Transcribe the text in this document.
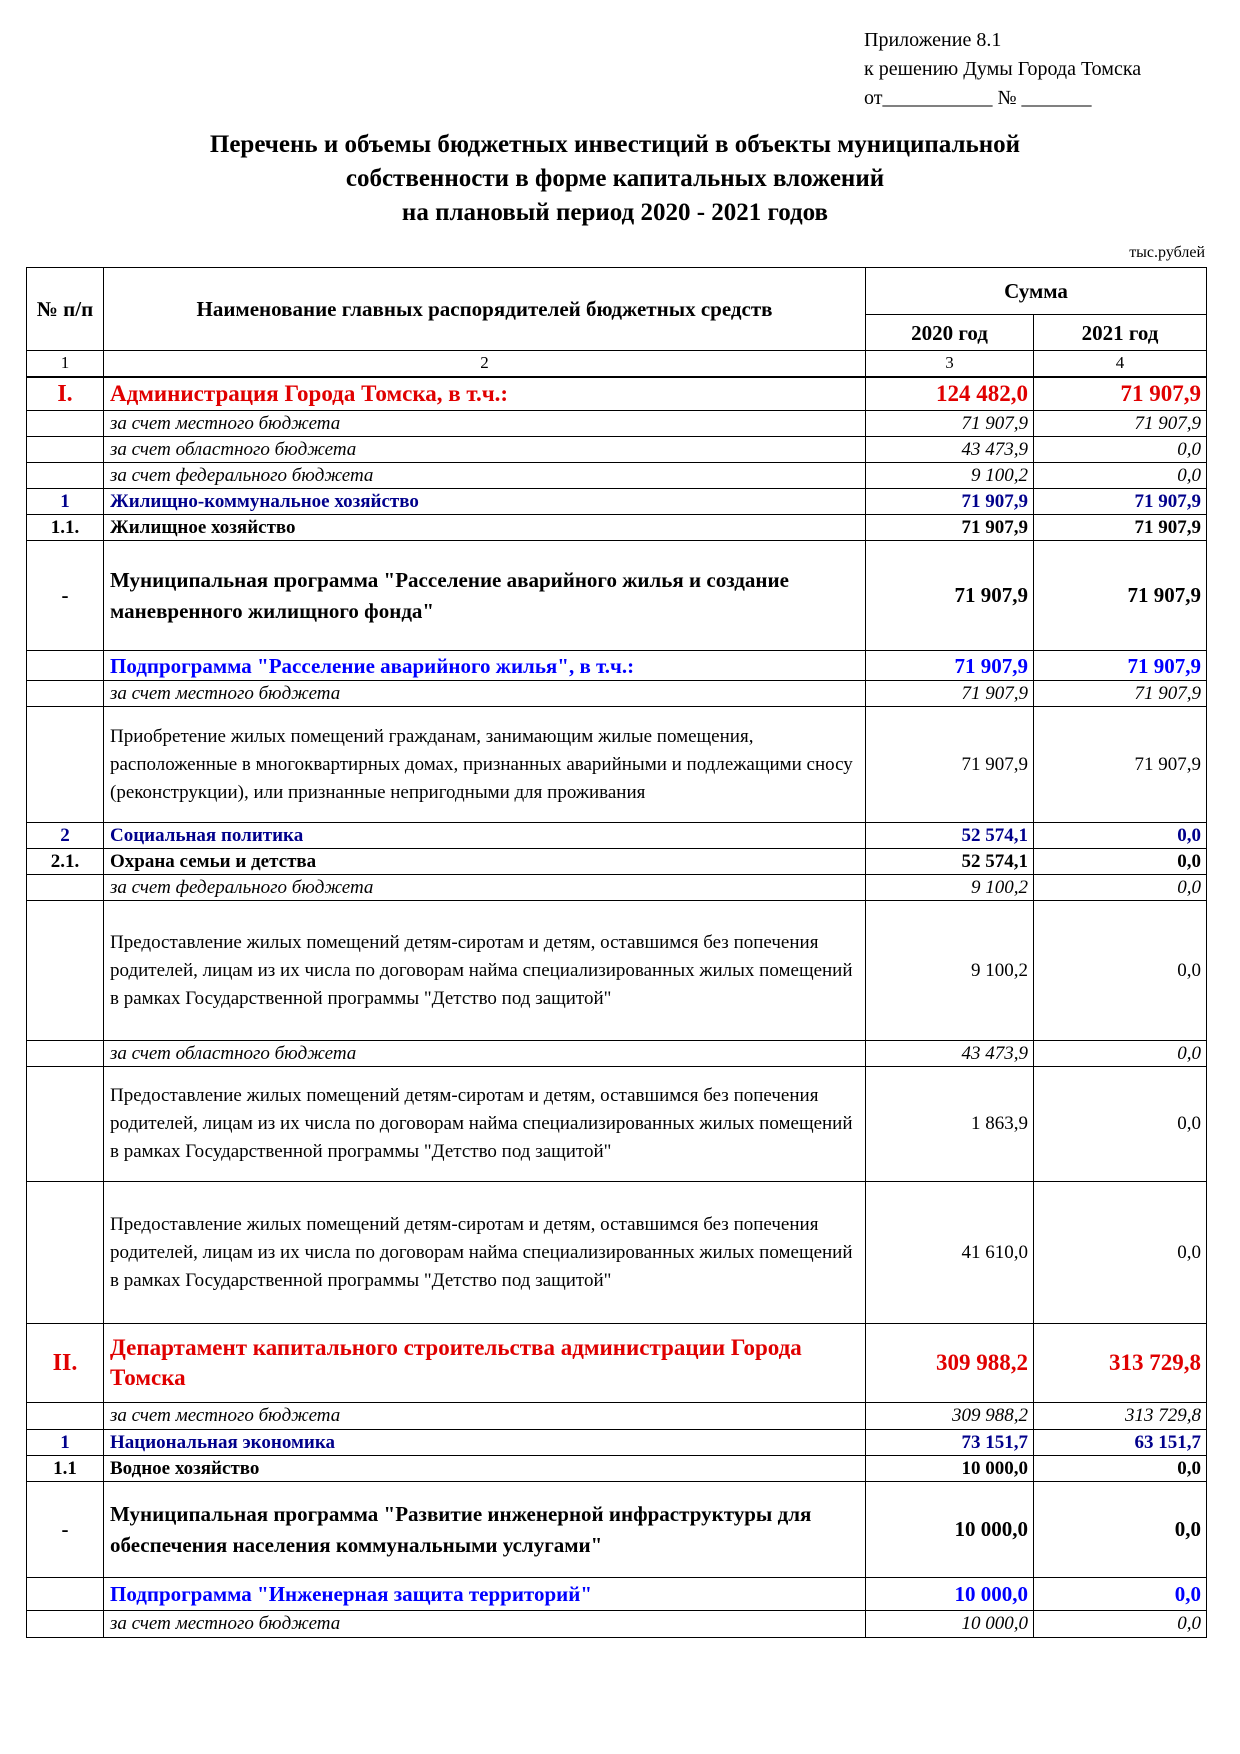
Приложение 8.1
к решению Думы Города Томска
от___________ № _______
Перечень и объемы бюджетных инвестиций в объекты муниципальной
собственности в форме капитальных вложений
на плановый период 2020 - 2021 годов
тыс.рублей
№ п/п	Наименование главных распорядителей бюджетных средств	Сумма	
		2020 год	2021 год
1	2	3	4
I.	Администрация Города Томска, в т.ч.:	124 482,0	71 907,9
	за счет местного бюджета	71 907,9	71 907,9
	за счет областного бюджета	43 473,9	0,0
	за счет федерального бюджета	9 100,2	0,0
1	Жилищно-коммунальное хозяйство	71 907,9	71 907,9
1.1.	Жилищное хозяйство	71 907,9	71 907,9
-	Муниципальная программа "Расселение аварийного жилья и создание маневренного жилищного фонда"	71 907,9	71 907,9
	Подпрограмма "Расселение аварийного жилья", в т.ч.:	71 907,9	71 907,9
	за счет местного бюджета	71 907,9	71 907,9
	Приобретение жилых помещений гражданам, занимающим жилые помещения, расположенные в многоквартирных домах, признанных аварийными и подлежащими сносу (реконструкции), или признанные непригодными для проживания	71 907,9	71 907,9
2	Социальная политика	52 574,1	0,0
2.1.	Охрана семьи и детства	52 574,1	0,0
	за счет федерального бюджета	9 100,2	0,0
	Предоставление жилых помещений детям-сиротам и детям, оставшимся без попечения родителей, лицам из их числа по договорам найма специализированных жилых помещений в рамках Государственной программы "Детство под защитой"	9 100,2	0,0
	за счет областного бюджета	43 473,9	0,0
	Предоставление жилых помещений детям-сиротам и детям, оставшимся без попечения родителей, лицам из их числа по договорам найма специализированных жилых помещений в рамках Государственной программы "Детство под защитой"	1 863,9	0,0
	Предоставление жилых помещений детям-сиротам и детям, оставшимся без попечения родителей, лицам из их числа по договорам найма специализированных жилых помещений в рамках Государственной программы "Детство под защитой"	41 610,0	0,0
II.	Департамент капитального строительства администрации Города Томска	309 988,2	313 729,8
	за счет местного бюджета	309 988,2	313 729,8
1	Национальная экономика	73 151,7	63 151,7
1.1	Водное хозяйство	10 000,0	0,0
-	Муниципальная программа "Развитие инженерной инфраструктуры для обеспечения населения коммунальными услугами"	10 000,0	0,0
	Подпрограмма "Инженерная защита территорий"	10 000,0	0,0
	за счет местного бюджета	10 000,0	0,0
